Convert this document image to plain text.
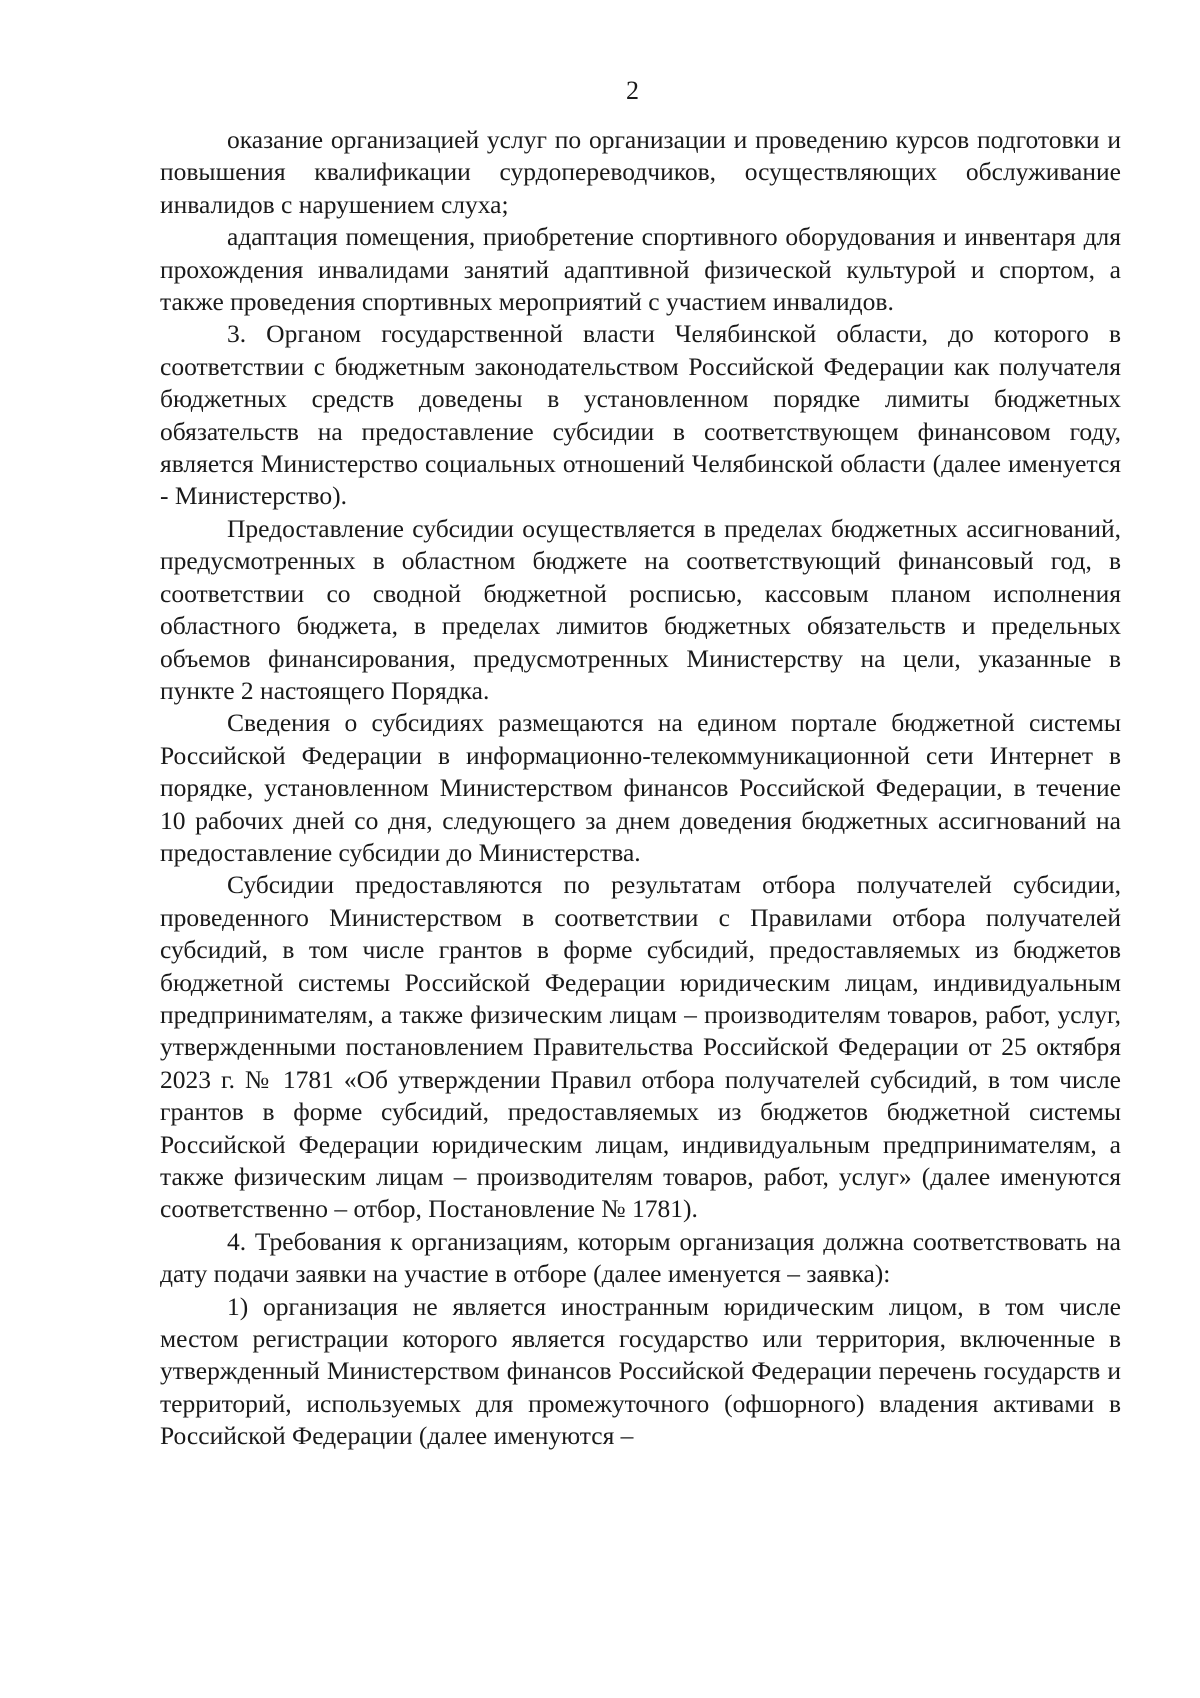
2

оказание организацией услуг по организации и проведению курсов подготовки и повышения квалификации сурдопереводчиков, осуществляющих обслуживание инвалидов с нарушением слуха;

адаптация помещения, приобретение спортивного оборудования и инвентаря для прохождения инвалидами занятий адаптивной физической культурой и спортом, а также проведения спортивных мероприятий с участием инвалидов.

3. Органом государственной власти Челябинской области, до которого в соответствии с бюджетным законодательством Российской Федерации как получателя бюджетных средств доведены в установленном порядке лимиты бюджетных обязательств на предоставление субсидии в соответствующем финансовом году, является Министерство социальных отношений Челябинской области (далее именуется - Министерство).

Предоставление субсидии осуществляется в пределах бюджетных ассигнований, предусмотренных в областном бюджете на соответствующий финансовый год, в соответствии со сводной бюджетной росписью, кассовым планом исполнения областного бюджета, в пределах лимитов бюджетных обязательств и предельных объемов финансирования, предусмотренных Министерству на цели, указанные в пункте 2 настоящего Порядка.

Сведения о субсидиях размещаются на едином портале бюджетной системы Российской Федерации в информационно-телекоммуникационной сети Интернет в порядке, установленном Министерством финансов Российской Федерации, в течение 10 рабочих дней со дня, следующего за днем доведения бюджетных ассигнований на предоставление субсидии до Министерства.

Субсидии предоставляются по результатам отбора получателей субсидии, проведенного Министерством в соответствии с Правилами отбора получателей субсидий, в том числе грантов в форме субсидий, предоставляемых из бюджетов бюджетной системы Российской Федерации юридическим лицам, индивидуальным предпринимателям, а также физическим лицам – производителям товаров, работ, услуг, утвержденными постановлением Правительства Российской Федерации от 25 октября 2023 г. № 1781 «Об утверждении Правил отбора получателей субсидий, в том числе грантов в форме субсидий, предоставляемых из бюджетов бюджетной системы Российской Федерации юридическим лицам, индивидуальным предпринимателям, а также физическим лицам – производителям товаров, работ, услуг» (далее именуются соответственно – отбор, Постановление № 1781).

4. Требования к организациям, которым организация должна соответствовать на дату подачи заявки на участие в отборе (далее именуется – заявка):

1) организация не является иностранным юридическим лицом, в том числе местом регистрации которого является государство или территория, включенные в утвержденный Министерством финансов Российской Федерации перечень государств и территорий, используемых для промежуточного (офшорного) владения активами в Российской Федерации (далее именуются –
